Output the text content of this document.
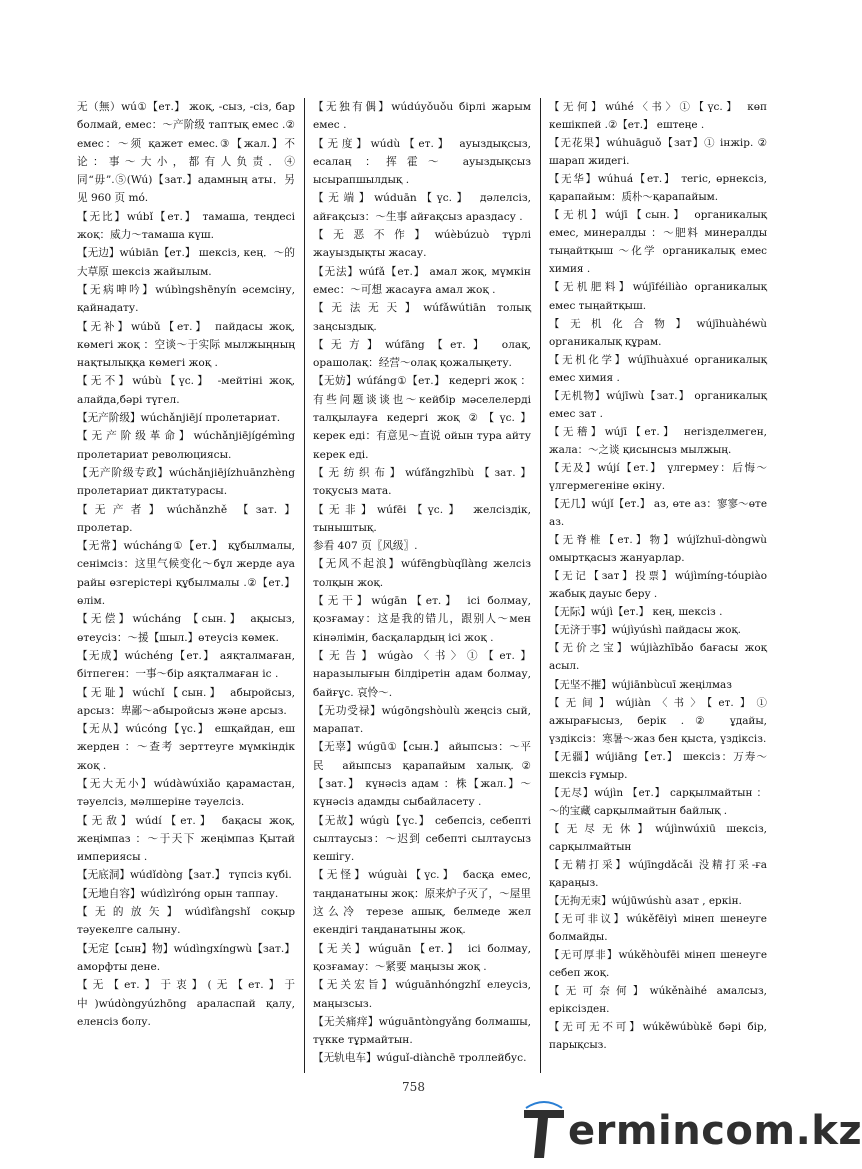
无（無）wú①【ет.】 жоқ, -сыз, -сіз, бар болмай, емес：～产阶级 таптық емес .② емес：～须 қажет емес.③【жал.】不论：事～大小，都有人负责．④同“毋”.⑤(Wú)【зат.】адамның аты．另见 960 页 mó.

【无比】wúbǐ【ет.】 тамаша, теңдесі жоқ：威力～тамаша күш.

【无边】wúbiān【ет.】 шексіз, кең．～的大草原 шексіз жайылым.

【无病呻吟】wúbìngshēnyín әсемсіну, қайнадату.

【无补】wúbǔ【ет.】 пайдасы жоқ, көмегі жоқ ：空谈～于实际 мылжыңның нақтылыққа көмегі жоқ .

【无不】wúbù【үс.】 -мейтіні жоқ, алайда,бәрі түгел.

【无产阶级】wúchǎnjiējí пролетариат.

【无产阶级革命】wúchǎnjiējígémìng пролетариат революциясы.

【无产阶级专政】wúchǎnjiējízhuānzhèng пролетариат диктатурасы.

【无产者】wúchǎnzhě 【зат.】 пролетар.

【无常】wúcháng①【ет.】 құбылмалы, сенімсіз：这里气候变化～бұл жерде ауа райы өзгерістері құбылмалы .②【ет.】 өлім.

【无偿】wúcháng 【сын.】 ақысыз, өтеусіз：～援【шыл.】өтеусіз көмек.

【无成】wúchéng【ет.】 аяқталмаған, бітпеген：一事～бір аяқталмаған іс .

【无耻】wúchǐ【сын.】 абыройсыз, арсыз：卑鄙～абыройсыз және арсыз.

【无从】wúcóng【үс.】 ешқайдан, еш жерден ：～查考 зерттеуге мүмкіндік жоқ .

【无大无小】wúdàwúxiǎo қарамастан, тәуелсіз, мәлшеріне тәуелсіз.

【无敌】wúdí【ет.】 бақасы жоқ, жеңімпаз ：～于天下 жеңімпаз Қытай империясы .

【无底洞】wúdǐdòng【зат.】 түпсіз күбі.

【无地自容】wúdìzìróng орын таппау.

【无的放矢】wúdìfàngshǐ соқыр тәуекелге салыну.

【无定【сын】物】wúdìngxíngwù【зат.】 аморфты дене.

【无【ет.】于衷】(无【ет.】于中)wúdòngyúzhōng араласпай қалу, еленсіз болу.

【无独有偶】wúdúyǒuǒu бірлі жарым емес .

【无度】wúdù【ет.】 ауыздықсыз, есалаң ：挥霍～ ауыздықсыз ысырапшылдық .

【无端】wúduān【үс.】 дәлелсіз, айғақсыз：～生事 айғақсыз араздасу .

【无恶不作】wúèbúzuò түрлі жауыздықты жасау.

【无法】wúfǎ【ет.】 амал жоқ, мүмкін емес：～可想 жасауға амал жоқ .

【无法无天】wúfǎwútiān толық заңсыздық.

【无方】wúfāng【ет.】 олақ, орашолақ：经营～олақ қожалықету.

【无妨】wúfáng①【ет.】 кедергі жоқ ：有些问题谈谈也～кейбір мәселелерді талқылауға кедергі жоқ ②【үс.】 керек еді：有意见～直说 ойын тура айту керек еді.

【无纺织布】wúfǎngzhībù【зат.】 тоқусыз мата.

【无非】wúfēi【үс.】 желсіздік, тыныштық.

参看 407 页〖风级〗.

【无风不起浪】wúfēngbùqǐlàng желсіз толқын жоқ.

【无干】wúgān【ет.】 ісі болмау, қозғамау：这是我的错儿，跟别人～мен кінәлімін, басқалардың ісі жоқ .

【无告】wúgào〈书〉①【ет.】 наразылығын білдіретін адам болмау, байғұс. 哀怜～.

【无功受禄】wúgōngshòulù жеңсіз сый, марапат.

【无辜】wúgū①【сын.】 айыпсыз：～平民 айыпсыз қарапайым халық.②【зат.】 күнәсіз адам ：株【жал.】～ күнәсіз адамды сыбайласету .

【无故】wúgù【үс.】 себепсіз, себепті сылтаусыз：～迟到 себепті сылтаусыз кешігу.

【无怪】wúguài【үс.】 басқа емес, таңданатыны жоқ：原来炉子灭了，～屋里这么冷 терезе ашық, белмеде жел екендігі таңданатыны жоқ.

【无关】wúguān【ет.】 ісі болмау, қозғамау：～紧要 маңызы жоқ .

【无关宏旨】wúguānhóngzhǐ елеусіз, маңызсыз.

【无关痛痒】wúguāntòngyǎng болмашы, түкке тұрмайтын.

【无轨电车】wúguǐ-diànchē троллейбус.

【无何】wúhé〈书〉①【үс.】 көп кешікпей .②【ет.】 ештеңе .

【无花果】wúhuāguǒ【зат】① інжір. ② шарап жидегі.

【无华】wúhuá【ет.】 тегіс, өрнексіз, қарапайым：质朴～қарапайым.

【无机】wújī【сын.】 органикалық емес, минералды ：～肥料 минералды тыңайтқыш ～化学 органикалық емес химия .

【无机肥料】wújīféiliào органикалық емес тыңайтқыш.

【无机化合物】wújīhuàhéwù органикалық құрам.

【无机化学】wújīhuàxué органикалық емес химия .

【无机物】wújīwù【зат.】 органикалық емес зат .

【无稽】wújī【ет.】 негізделмеген, жала：～之谈 қисынсыз мылжың.

【无及】wújí【ет.】 үлгермеу：后悔～ үлгермегеніне өкіну.

【无几】wújǐ【ет.】 аз, өте аз：寥寥～өте аз.

【无脊椎【ет.】物】wújǐzhuī-dòngwù омыртқасыз жануарлар.

【无记【зат】投票】wújìmíng-tóupiào жабық дауыс беру .

【无际】wújì【ет.】 кең, шексіз .

【无济于事】wújìyúshì пайдасы жоқ.

【无价之宝】wújiàzhībǎo бағасы жоқ асыл.

【无坚不摧】wújiānbùcuī жеңілмаз

【无间】wújiàn〈书〉【ет.】① ажырағысыз, берік .② ұдайы, үздіксіз：寒暑～жаз бен қыста, үздіксіз.

【无疆】wújiāng【ет.】 шексіз：万寿～шексіз ғұмыр.

【无尽】wújìn 【ет.】 сарқылмайтын ：～的宝藏 сарқылмайтын байлық .

【无尽无休】wújìnwúxiū шексіз, сарқылмайтын

【无精打采】wújīngdǎcǎi 没精打采-ға қараңыз.

【无拘无束】wújūwúshù азат , еркін.

【无可非议】wúkěfēiyì мінеп шенеуге болмайды.

【无可厚非】wúkěhòufēi мінеп шенеуге себеп жоқ.

【无可奈何】wúkěnàihé амалсыз, еріксізден.

【无可无不可】wúkěwúbùkě бәрі бір, парықсыз.

758
ermincom.kz
